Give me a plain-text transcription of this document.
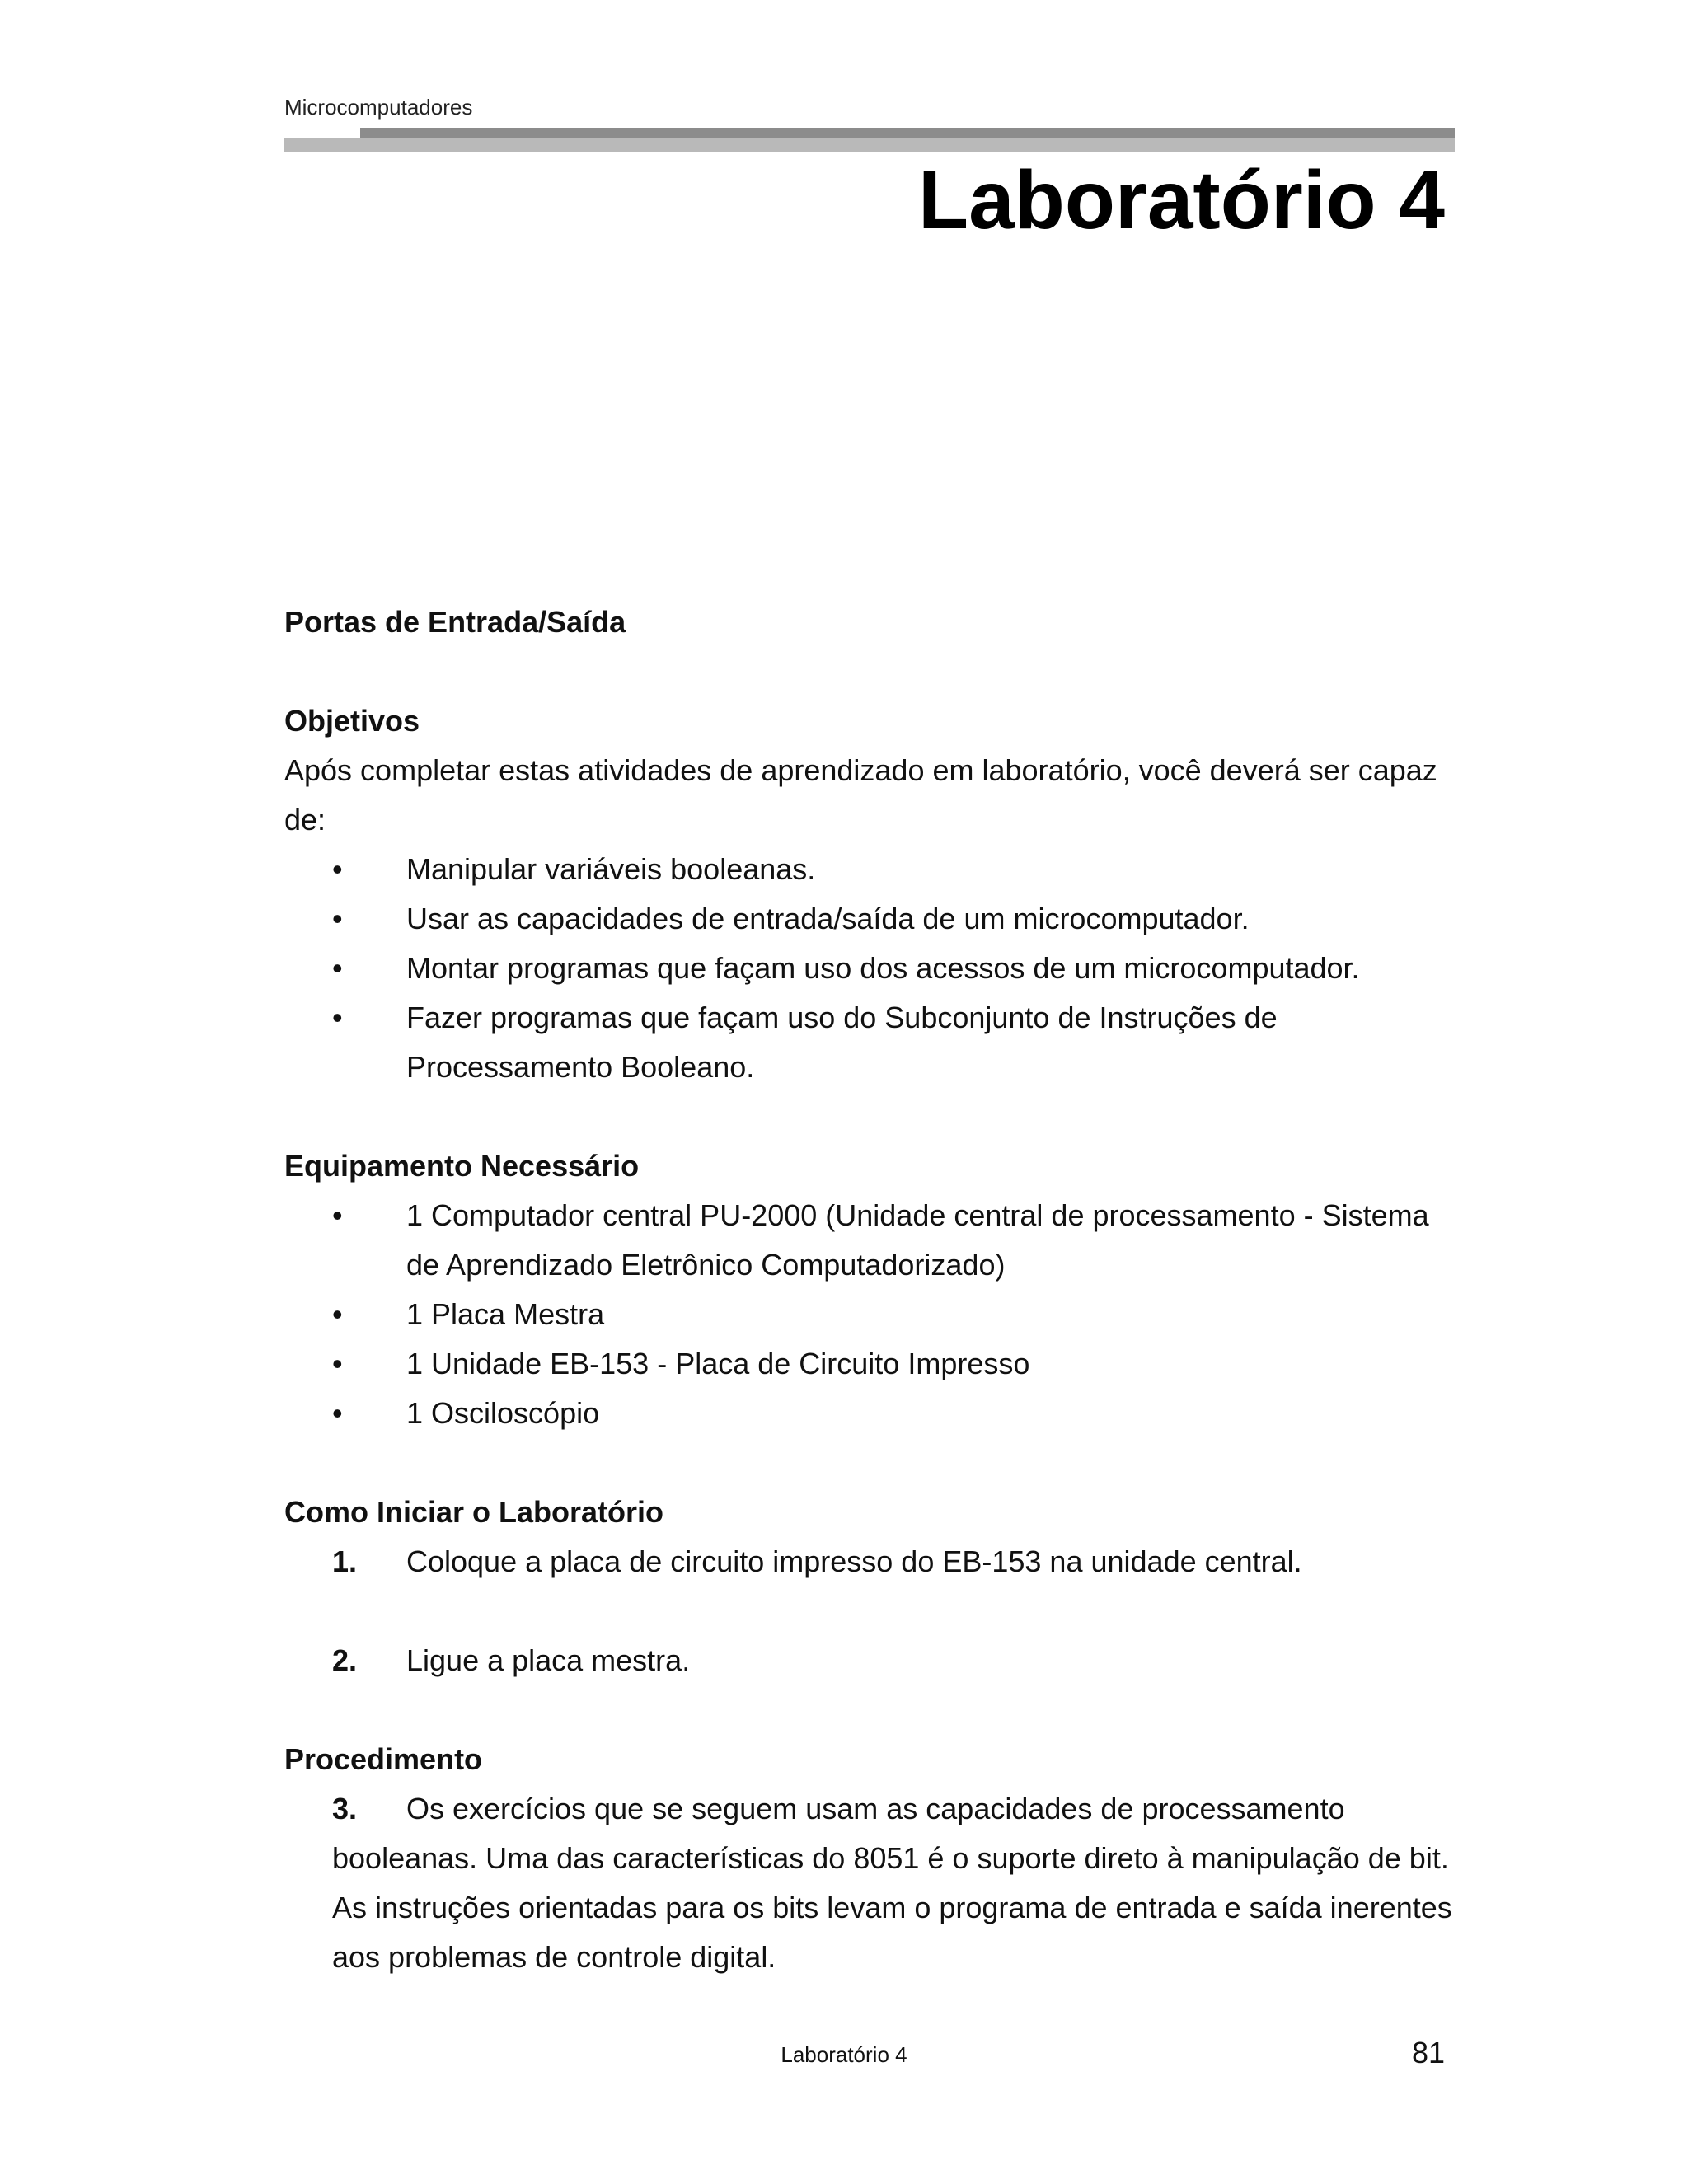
Microcomputadores
Laboratório 4
Portas de Entrada/Saída
Objetivos

Após completar estas atividades de aprendizado em laboratório, você deverá ser capaz de:

• Manipular variáveis booleanas.
• Usar as capacidades de entrada/saída de um microcomputador.
• Montar programas que façam uso dos acessos de um microcomputador.
• Fazer programas que façam uso do Subconjunto de Instruções de Processamento Booleano.
Equipamento Necessário
• 1 Computador central PU-2000 (Unidade central de processamento - Sistema de Aprendizado Eletrônico Computadorizado)
• 1 Placa Mestra
• 1 Unidade EB-153 - Placa de Circuito Impresso
• 1 Osciloscópio
Como Iniciar o Laboratório
1. Coloque a placa de circuito impresso do EB-153 na unidade central.
2. Ligue a placa mestra.
Procedimento

3. Os exercícios que se seguem usam as capacidades de processamento booleanas. Uma das características do 8051 é o suporte direto à manipulação de bit. As instruções orientadas para os bits levam o programa de entrada e saída inerentes aos problemas de controle digital.

Laboratório 4	81
